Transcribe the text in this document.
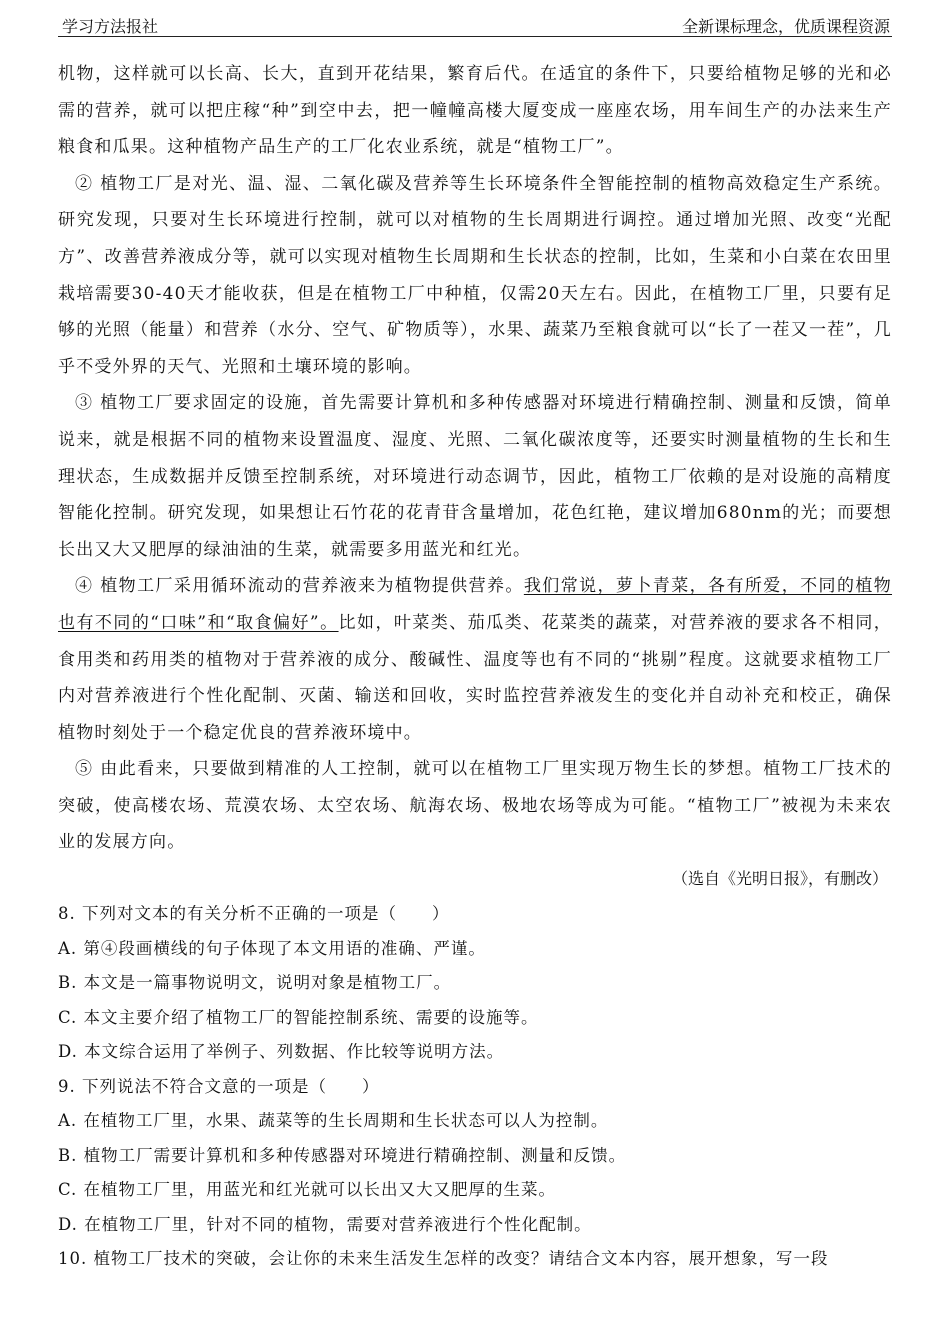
学习方法报社	全新课标理念，优质课程资源

机物，这样就可以长高、长大，直到开花结果，繁育后代。在适宜的条件下，只要给植物足够的光和必需的营养，就可以把庄稼“种”到空中去，把一幢幢高楼大厦变成一座座农场，用车间生产的办法来生产粮食和瓜果。这种植物产品生产的工厂化农业系统，就是“植物工厂”。

② 植物工厂是对光、温、湿、二氧化碳及营养等生长环境条件全智能控制的植物高效稳定生产系统。研究发现，只要对生长环境进行控制，就可以对植物的生长周期进行调控。通过增加光照、改变“光配方”、改善营养液成分等，就可以实现对植物生长周期和生长状态的控制，比如，生菜和小白菜在农田里栽培需要30-40天才能收获，但是在植物工厂中种植，仅需20天左右。因此，在植物工厂里，只要有足够的光照（能量）和营养（水分、空气、矿物质等），水果、蔬菜乃至粮食就可以“长了一茬又一茬”，几乎不受外界的天气、光照和土壤环境的影响。

③ 植物工厂要求固定的设施，首先需要计算机和多种传感器对环境进行精确控制、测量和反馈，简单说来，就是根据不同的植物来设置温度、湿度、光照、二氧化碳浓度等，还要实时测量植物的生长和生理状态，生成数据并反馈至控制系统，对环境进行动态调节，因此，植物工厂依赖的是对设施的高精度智能化控制。研究发现，如果想让石竹花的花青苷含量增加，花色红艳，建议增加680nm的光；而要想长出又大又肥厚的绿油油的生菜，就需要多用蓝光和红光。

④ 植物工厂采用循环流动的营养液来为植物提供营养。我们常说，萝卜青菜，各有所爱，不同的植物也有不同的“口味”和“取食偏好”。比如，叶菜类、茄瓜类、花菜类的蔬菜，对营养液的要求各不相同，食用类和药用类的植物对于营养液的成分、酸碱性、温度等也有不同的“挑剔”程度。这就要求植物工厂内对营养液进行个性化配制、灭菌、输送和回收，实时监控营养液发生的变化并自动补充和校正，确保植物时刻处于一个稳定优良的营养液环境中。

⑤ 由此看来，只要做到精准的人工控制，就可以在植物工厂里实现万物生长的梦想。植物工厂技术的突破，使高楼农场、荒漠农场、太空农场、航海农场、极地农场等成为可能。“植物工厂”被视为未来农业的发展方向。

（选自《光明日报》，有删改）

8. 下列对文本的有关分析不正确的一项是（　　）

A. 第④段画横线的句子体现了本文用语的准确、严谨。

B. 本文是一篇事物说明文，说明对象是植物工厂。

C. 本文主要介绍了植物工厂的智能控制系统、需要的设施等。

D. 本文综合运用了举例子、列数据、作比较等说明方法。

9. 下列说法不符合文意的一项是（　　）

A. 在植物工厂里，水果、蔬菜等的生长周期和生长状态可以人为控制。

B. 植物工厂需要计算机和多种传感器对环境进行精确控制、测量和反馈。

C. 在植物工厂里，用蓝光和红光就可以长出又大又肥厚的生菜。

D. 在植物工厂里，针对不同的植物，需要对营养液进行个性化配制。

10. 植物工厂技术的突破，会让你的未来生活发生怎样的改变？请结合文本内容，展开想象，写一段
